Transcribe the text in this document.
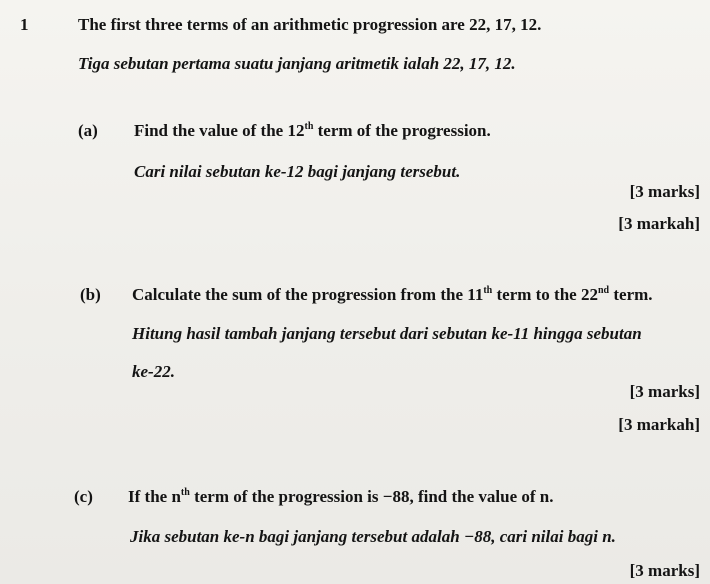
1	The first three terms of an arithmetic progression are 22, 17, 12.
Tiga sebutan pertama suatu janjang aritmetik ialah 22, 17, 12.
(a) Find the value of the 12th term of the progression.
Cari nilai sebutan ke-12 bagi janjang tersebut.
[3 marks]
[3 markah]
(b) Calculate the sum of the progression from the 11th term to the 22nd term.
Hitung hasil tambah janjang tersebut dari sebutan ke-11 hingga sebutan
ke-22.
[3 marks]
[3 markah]
(c) If the $n^{th}$ term of the progression is −88, find the value of n.
Jika sebutan ke-n bagi janjang tersebut adalah −88, cari nilai bagi n.
[3 marks]
